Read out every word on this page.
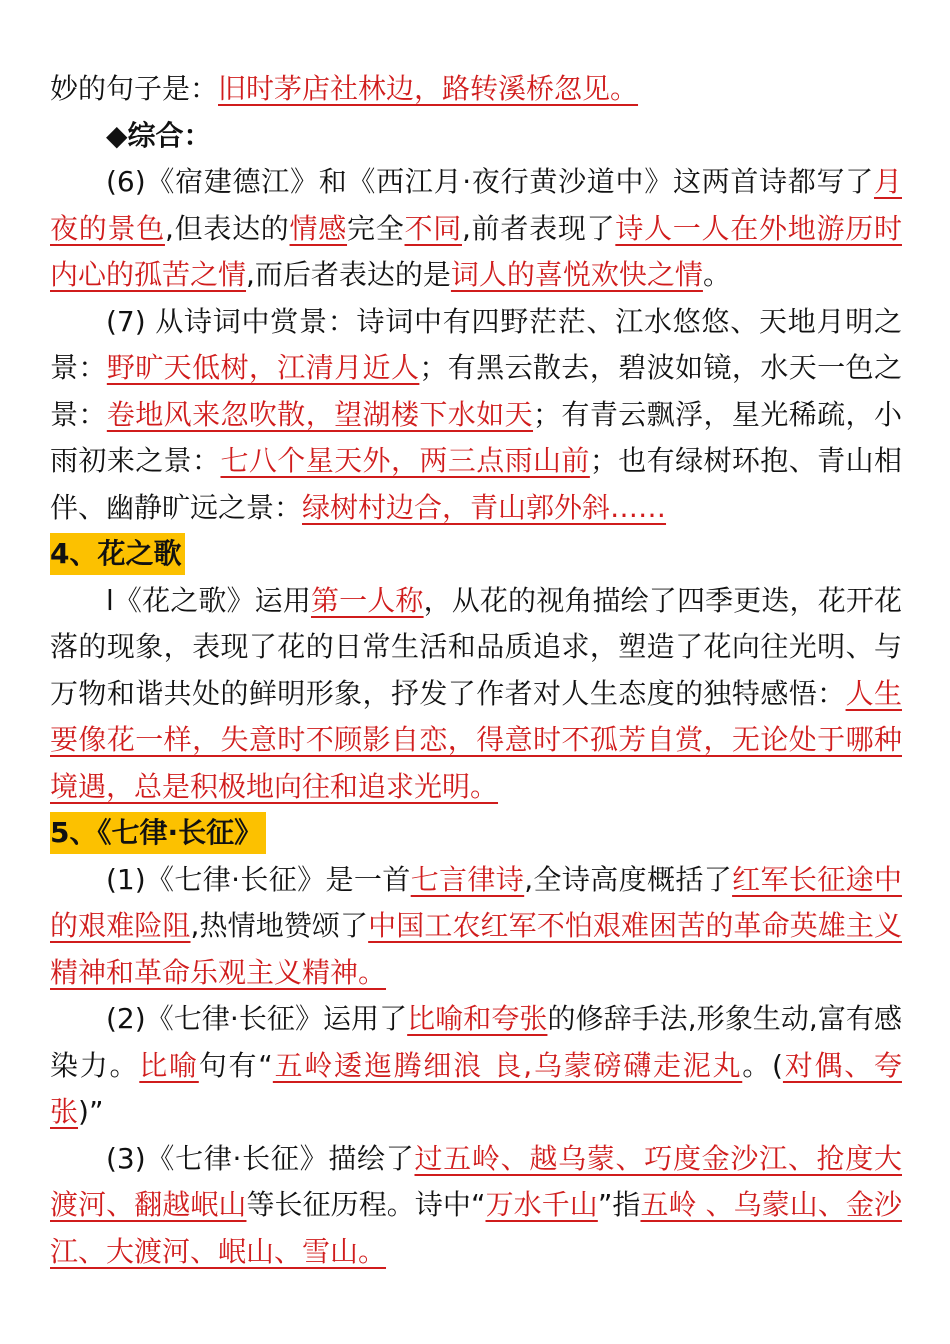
妙的句子是：旧时茅店社林边，路转溪桥忽见。

◆综合：

(6)《宿建德江》和《西江月·夜行黄沙道中》这两首诗都写了月夜的景色,但表达的情感完全不同,前者表现了诗人一人在外地游历时内心的孤苦之情,而后者表达的是词人的喜悦欢快之情。

(7) 从诗词中赏景：诗词中有四野茫茫、江水悠悠、天地月明之景：野旷天低树，江清月近人；有黑云散去，碧波如镜，水天一色之景：卷地风来忽吹散，望湖楼下水如天；有青云飘浮，星光稀疏，小雨初来之景：七八个星天外，两三点雨山前；也有绿树环抱、青山相伴、幽静旷远之景：绿树村边合，青山郭外斜……

4、花之歌

l《花之歌》运用第一人称，从花的视角描绘了四季更迭，花开花落的现象，表现了花的日常生活和品质追求，塑造了花向往光明、与万物和谐共处的鲜明形象，抒发了作者对人生态度的独特感悟：人生要像花一样，失意时不顾影自恋，得意时不孤芳自赏，无论处于哪种境遇，总是积极地向往和追求光明。

5、《七律·长征》

(1)《七律·长征》是一首七言律诗,全诗高度概括了红军长征途中的艰难险阻,热情地赞颂了中国工农红军不怕艰难困苦的革命英雄主义精神和革命乐观主义精神。

(2)《七律·长征》运用了比喻和夸张的修辞手法,形象生动,富有感染力。比喻句有“五岭逶迤腾细浪 良,乌蒙磅礴走泥丸。(对偶、夸张)”

(3)《七律·长征》描绘了过五岭、越乌蒙、巧度金沙江、抢度大渡河、翻越岷山等长征历程。诗中“万水千山”指五岭 、乌蒙山、金沙江、大渡河、岷山、雪山。
